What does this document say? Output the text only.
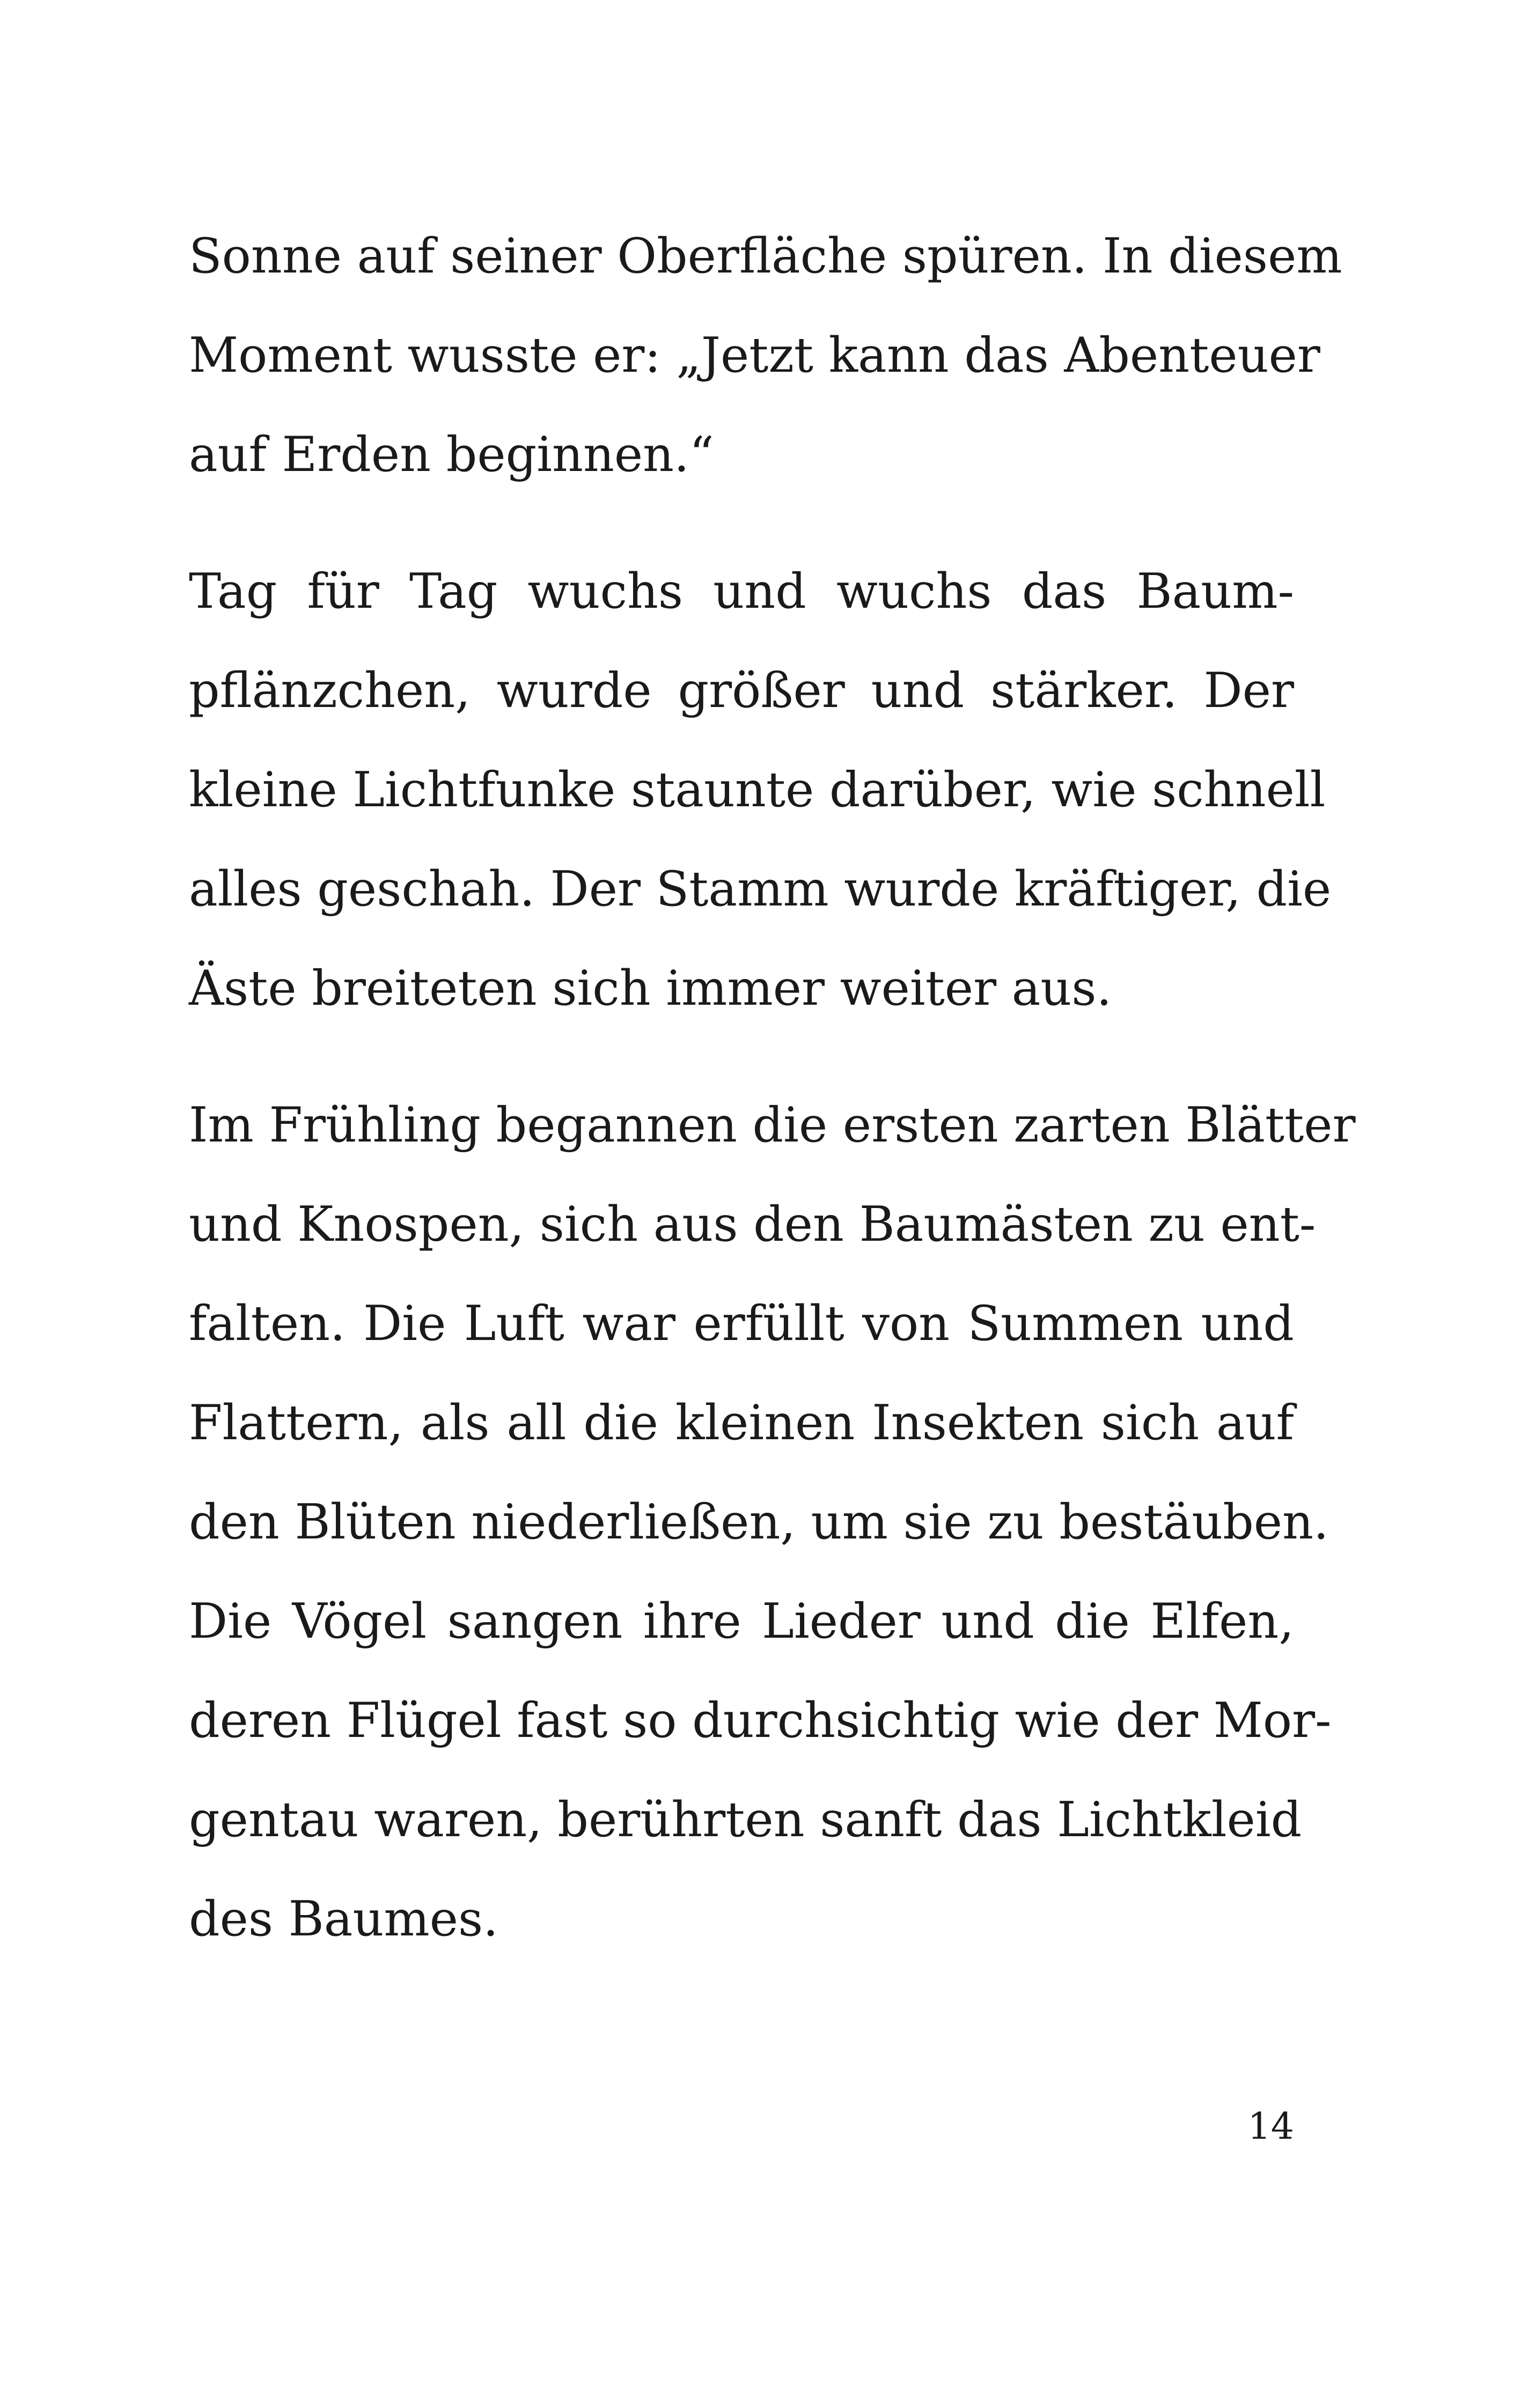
Sonne auf seiner Oberfläche spüren. In diesem
Moment wusste er: „Jetzt kann das Abenteuer
auf Erden beginnen.“
Tag für Tag wuchs und wuchs das Baum-
pflänzchen, wurde größer und stärker. Der
kleine Lichtfunke staunte darüber, wie schnell
alles geschah. Der Stamm wurde kräftiger, die
Äste breiteten sich immer weiter aus.
Im Frühling begannen die ersten zarten Blätter
und Knospen, sich aus den Baumästen zu ent-
falten. Die Luft war erfüllt von Summen und
Flattern, als all die kleinen Insekten sich auf
den Blüten niederließen, um sie zu bestäuben.
Die Vögel sangen ihre Lieder und die Elfen,
deren Flügel fast so durchsichtig wie der Mor-
gentau waren, berührten sanft das Lichtkleid
des Baumes.
14
